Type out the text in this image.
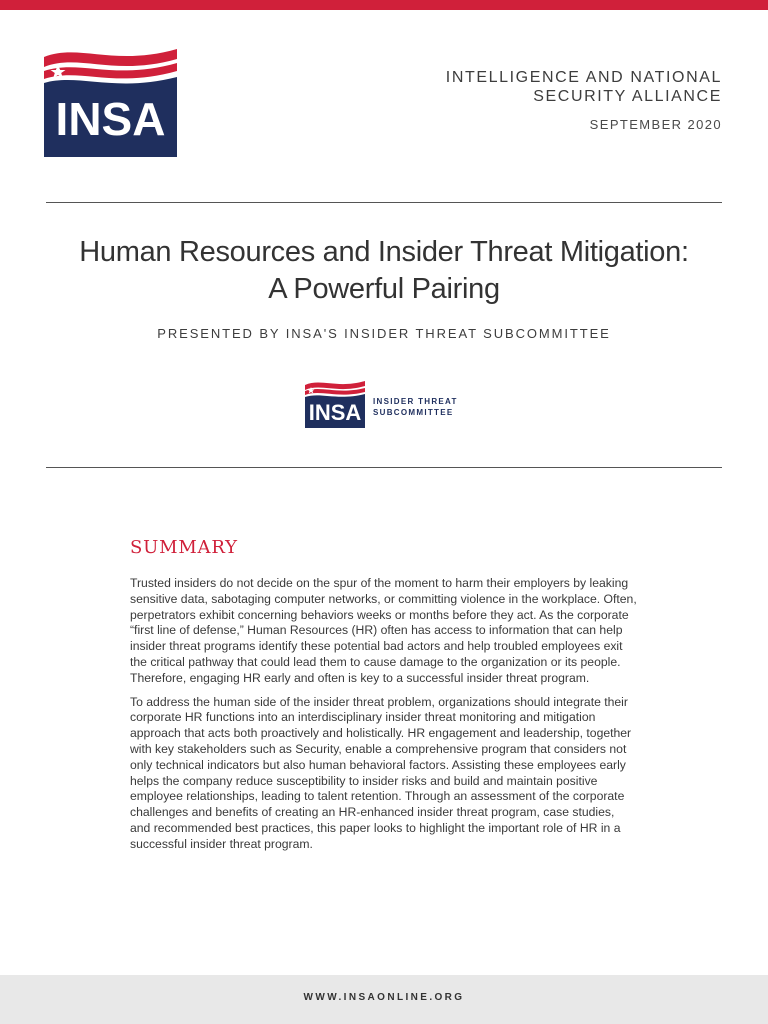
INSA
INTELLIGENCE AND NATIONAL SECURITY ALLIANCE
SEPTEMBER 2020
Human Resources and Insider Threat Mitigation:
A Powerful Pairing
PRESENTED BY INSA'S INSIDER THREAT SUBCOMMITTEE
INSA	INSIDER THREAT
SUBCOMMITTEE
SUMMARY

Trusted insiders do not decide on the spur of the moment to harm their employers by leaking sensitive data, sabotaging computer networks, or committing violence in the workplace. Often, perpetrators exhibit concerning behaviors weeks or months before they act. As the corporate “first line of defense,” Human Resources (HR) often has access to information that can help insider threat programs identify these potential bad actors and help troubled employees exit the critical pathway that could lead them to cause damage to the organization or its people. Therefore, engaging HR early and often is key to a successful insider threat program.

To address the human side of the insider threat problem, organizations should integrate their corporate HR functions into an interdisciplinary insider threat monitoring and mitigation approach that acts both proactively and holistically. HR engagement and leadership, together with key stakeholders such as Security, enable a comprehensive program that considers not only technical indicators but also human behavioral factors. Assisting these employees early helps the company reduce susceptibility to insider risks and build and maintain positive employee relationships, leading to talent retention. Through an assessment of the corporate challenges and benefits of creating an HR-enhanced insider threat program, case studies, and recommended best practices, this paper looks to highlight the important role of HR in a successful insider threat program.

WWW.INSAONLINE.ORG
